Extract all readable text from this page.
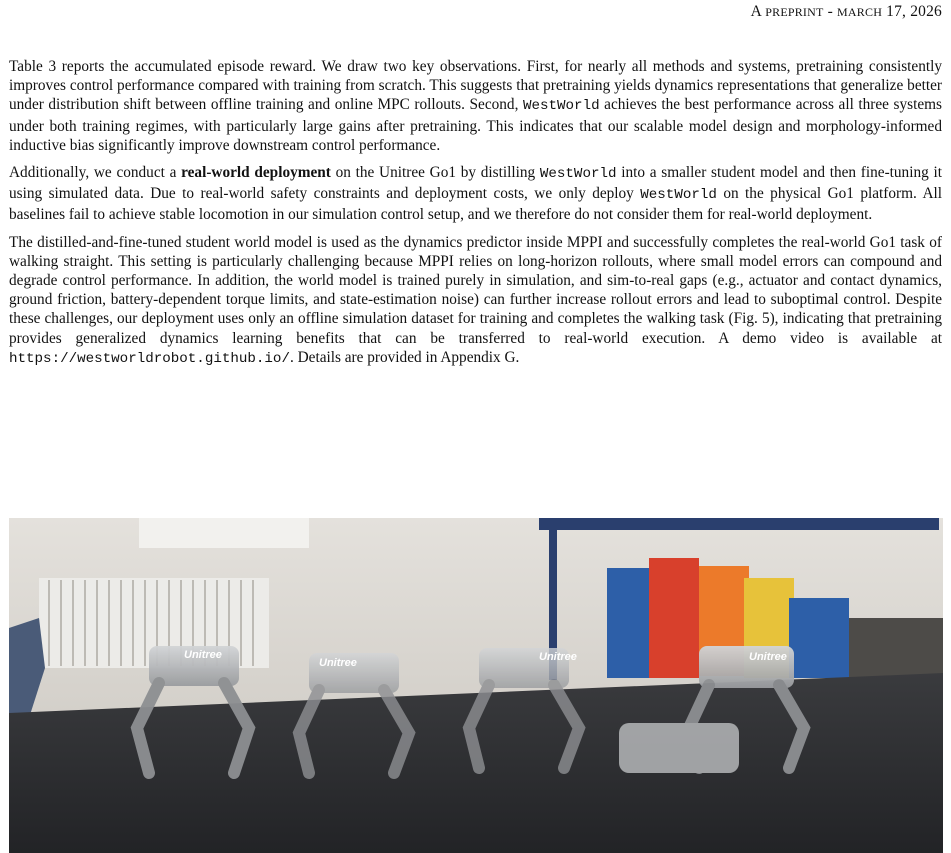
A PREPRINT - MARCH 17, 2026

Table 3 reports the accumulated episode reward. We draw two key observations. First, for nearly all methods and systems, pretraining consistently improves control performance compared with training from scratch. This suggests that pretraining yields dynamics representations that generalize better under distribution shift between offline training and online MPC rollouts. Second, WestWorld achieves the best performance across all three systems under both training regimes, with particularly large gains after pretraining. This indicates that our scalable model design and morphology-informed inductive bias significantly improve downstream control performance.

Additionally, we conduct a real-world deployment on the Unitree Go1 by distilling WestWorld into a smaller student model and then fine-tuning it using simulated data. Due to real-world safety constraints and deployment costs, we only deploy WestWorld on the physical Go1 platform. All baselines fail to achieve stable locomotion in our simulation control setup, and we therefore do not consider them for real-world deployment.

The distilled-and-fine-tuned student world model is used as the dynamics predictor inside MPPI and successfully completes the real-world Go1 task of walking straight. This setting is particularly challenging because MPPI relies on long-horizon rollouts, where small model errors can compound and degrade control performance. In addition, the world model is trained purely in simulation, and sim-to-real gaps (e.g., actuator and contact dynamics, ground friction, battery-dependent torque limits, and state-estimation noise) can further increase rollout errors and lead to suboptimal control. Despite these challenges, our deployment uses only an offline simulation dataset for training and completes the walking task (Fig. 5), indicating that pretraining provides generalized dynamics learning benefits that can be transferred to real-world execution. A demo video is available at https://westworldrobot.github.io/. Details are provided in Appendix G.

Unitree
Unitree	Unitree	Unitree
